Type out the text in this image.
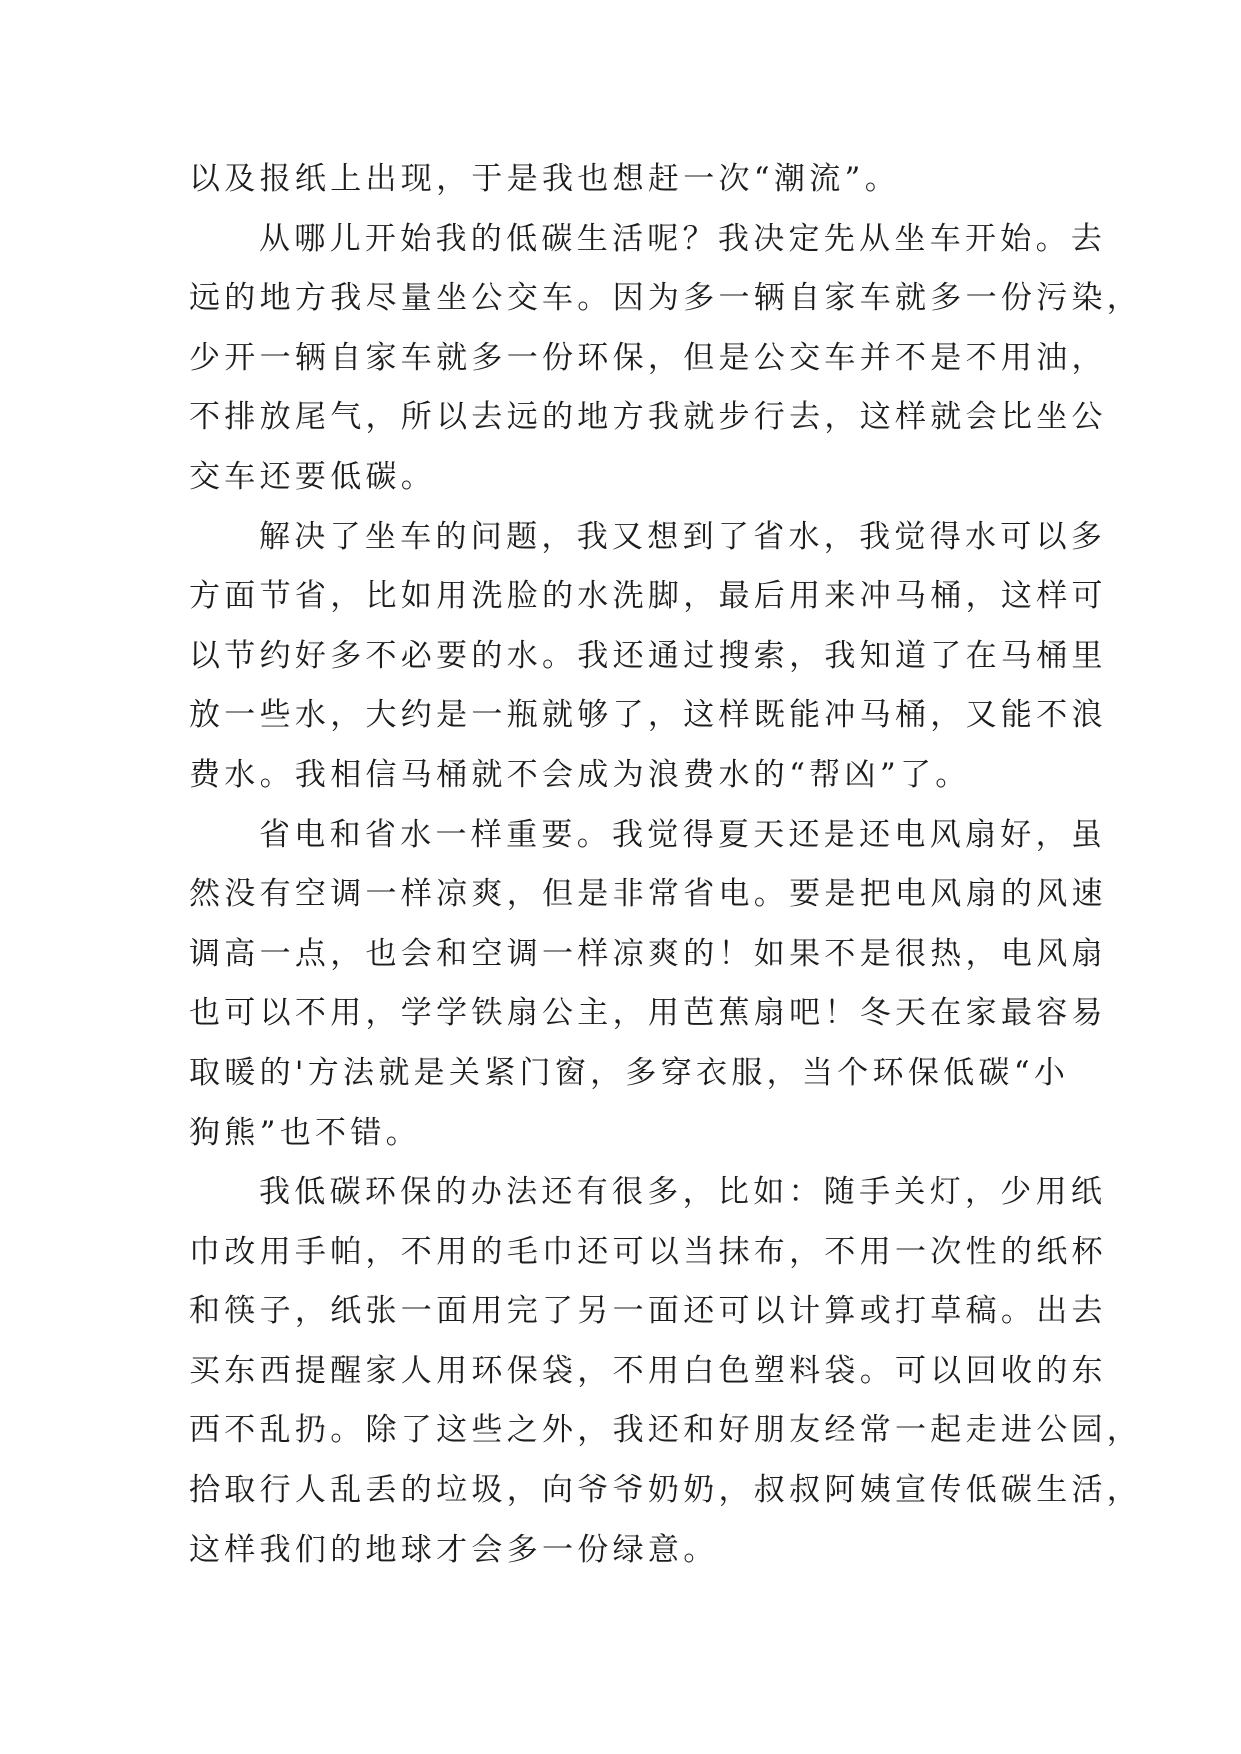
以及报纸上出现，于是我也想赶一次“潮流”。
从哪儿开始我的低碳生活呢？我决定先从坐车开始。去
远的地方我尽量坐公交车。因为多一辆自家车就多一份污染，
少开一辆自家车就多一份环保，但是公交车并不是不用油，
不排放尾气，所以去远的地方我就步行去，这样就会比坐公
交车还要低碳。
解决了坐车的问题，我又想到了省水，我觉得水可以多
方面节省，比如用洗脸的水洗脚，最后用来冲马桶，这样可
以节约好多不必要的水。我还通过搜索，我知道了在马桶里
放一些水，大约是一瓶就够了，这样既能冲马桶，又能不浪
费水。我相信马桶就不会成为浪费水的“帮凶”了。
省电和省水一样重要。我觉得夏天还是还电风扇好，虽
然没有空调一样凉爽，但是非常省电。要是把电风扇的风速
调高一点，也会和空调一样凉爽的！如果不是很热，电风扇
也可以不用，学学铁扇公主，用芭蕉扇吧！冬天在家最容易
取暖的'方法就是关紧门窗，多穿衣服，当个环保低碳“小
狗熊”也不错。
我低碳环保的办法还有很多，比如：随手关灯，少用纸
巾改用手帕，不用的毛巾还可以当抹布，不用一次性的纸杯
和筷子，纸张一面用完了另一面还可以计算或打草稿。出去
买东西提醒家人用环保袋，不用白色塑料袋。可以回收的东
西不乱扔。除了这些之外，我还和好朋友经常一起走进公园，
拾取行人乱丢的垃圾，向爷爷奶奶，叔叔阿姨宣传低碳生活，
这样我们的地球才会多一份绿意。
